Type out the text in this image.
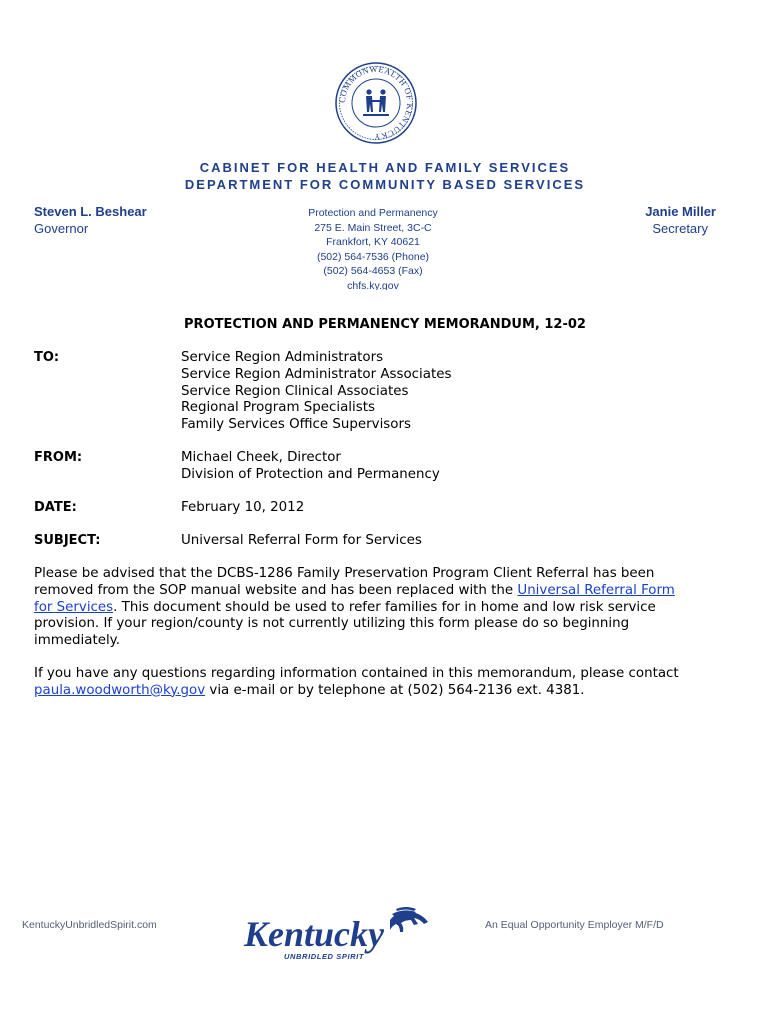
COMMONWEALTH OF KENTUCKY
CABINET FOR HEALTH AND FAMILY SERVICES
DEPARTMENT FOR COMMUNITY BASED SERVICES
Steven L. Beshear
Governor
Janie Miller
Secretary
Protection and Permanency
275 E. Main Street, 3C-C
Frankfort, KY 40621
(502) 564-7536 (Phone)
(502) 564-4653 (Fax)
chfs.ky.gov
PROTECTION AND PERMANENCY MEMORANDUM, 12-02
TO:	Service Region Administrators
Service Region Administrator Associates
Service Region Clinical Associates
Regional Program Specialists
Family Services Office Supervisors
FROM:	Michael Cheek, Director
Division of Protection and Permanency
DATE:	February 10, 2012
SUBJECT:	Universal Referral Form for Services
Please be advised that the DCBS-1286 Family Preservation Program Client Referral has been removed from the SOP manual website and has been replaced with the Universal Referral Form for Services. This document should be used to refer families for in home and low risk service provision. If your region/county is not currently utilizing this form please do so beginning immediately.
If you have any questions regarding information contained in this memorandum, please contact paula.woodworth@ky.gov via e-mail or by telephone at (502) 564-2136 ext. 4381.
KentuckyUnbridledSpirit.com Kentucky
UNBRIDLED SPIRIT
An Equal Opportunity Employer M/F/D
